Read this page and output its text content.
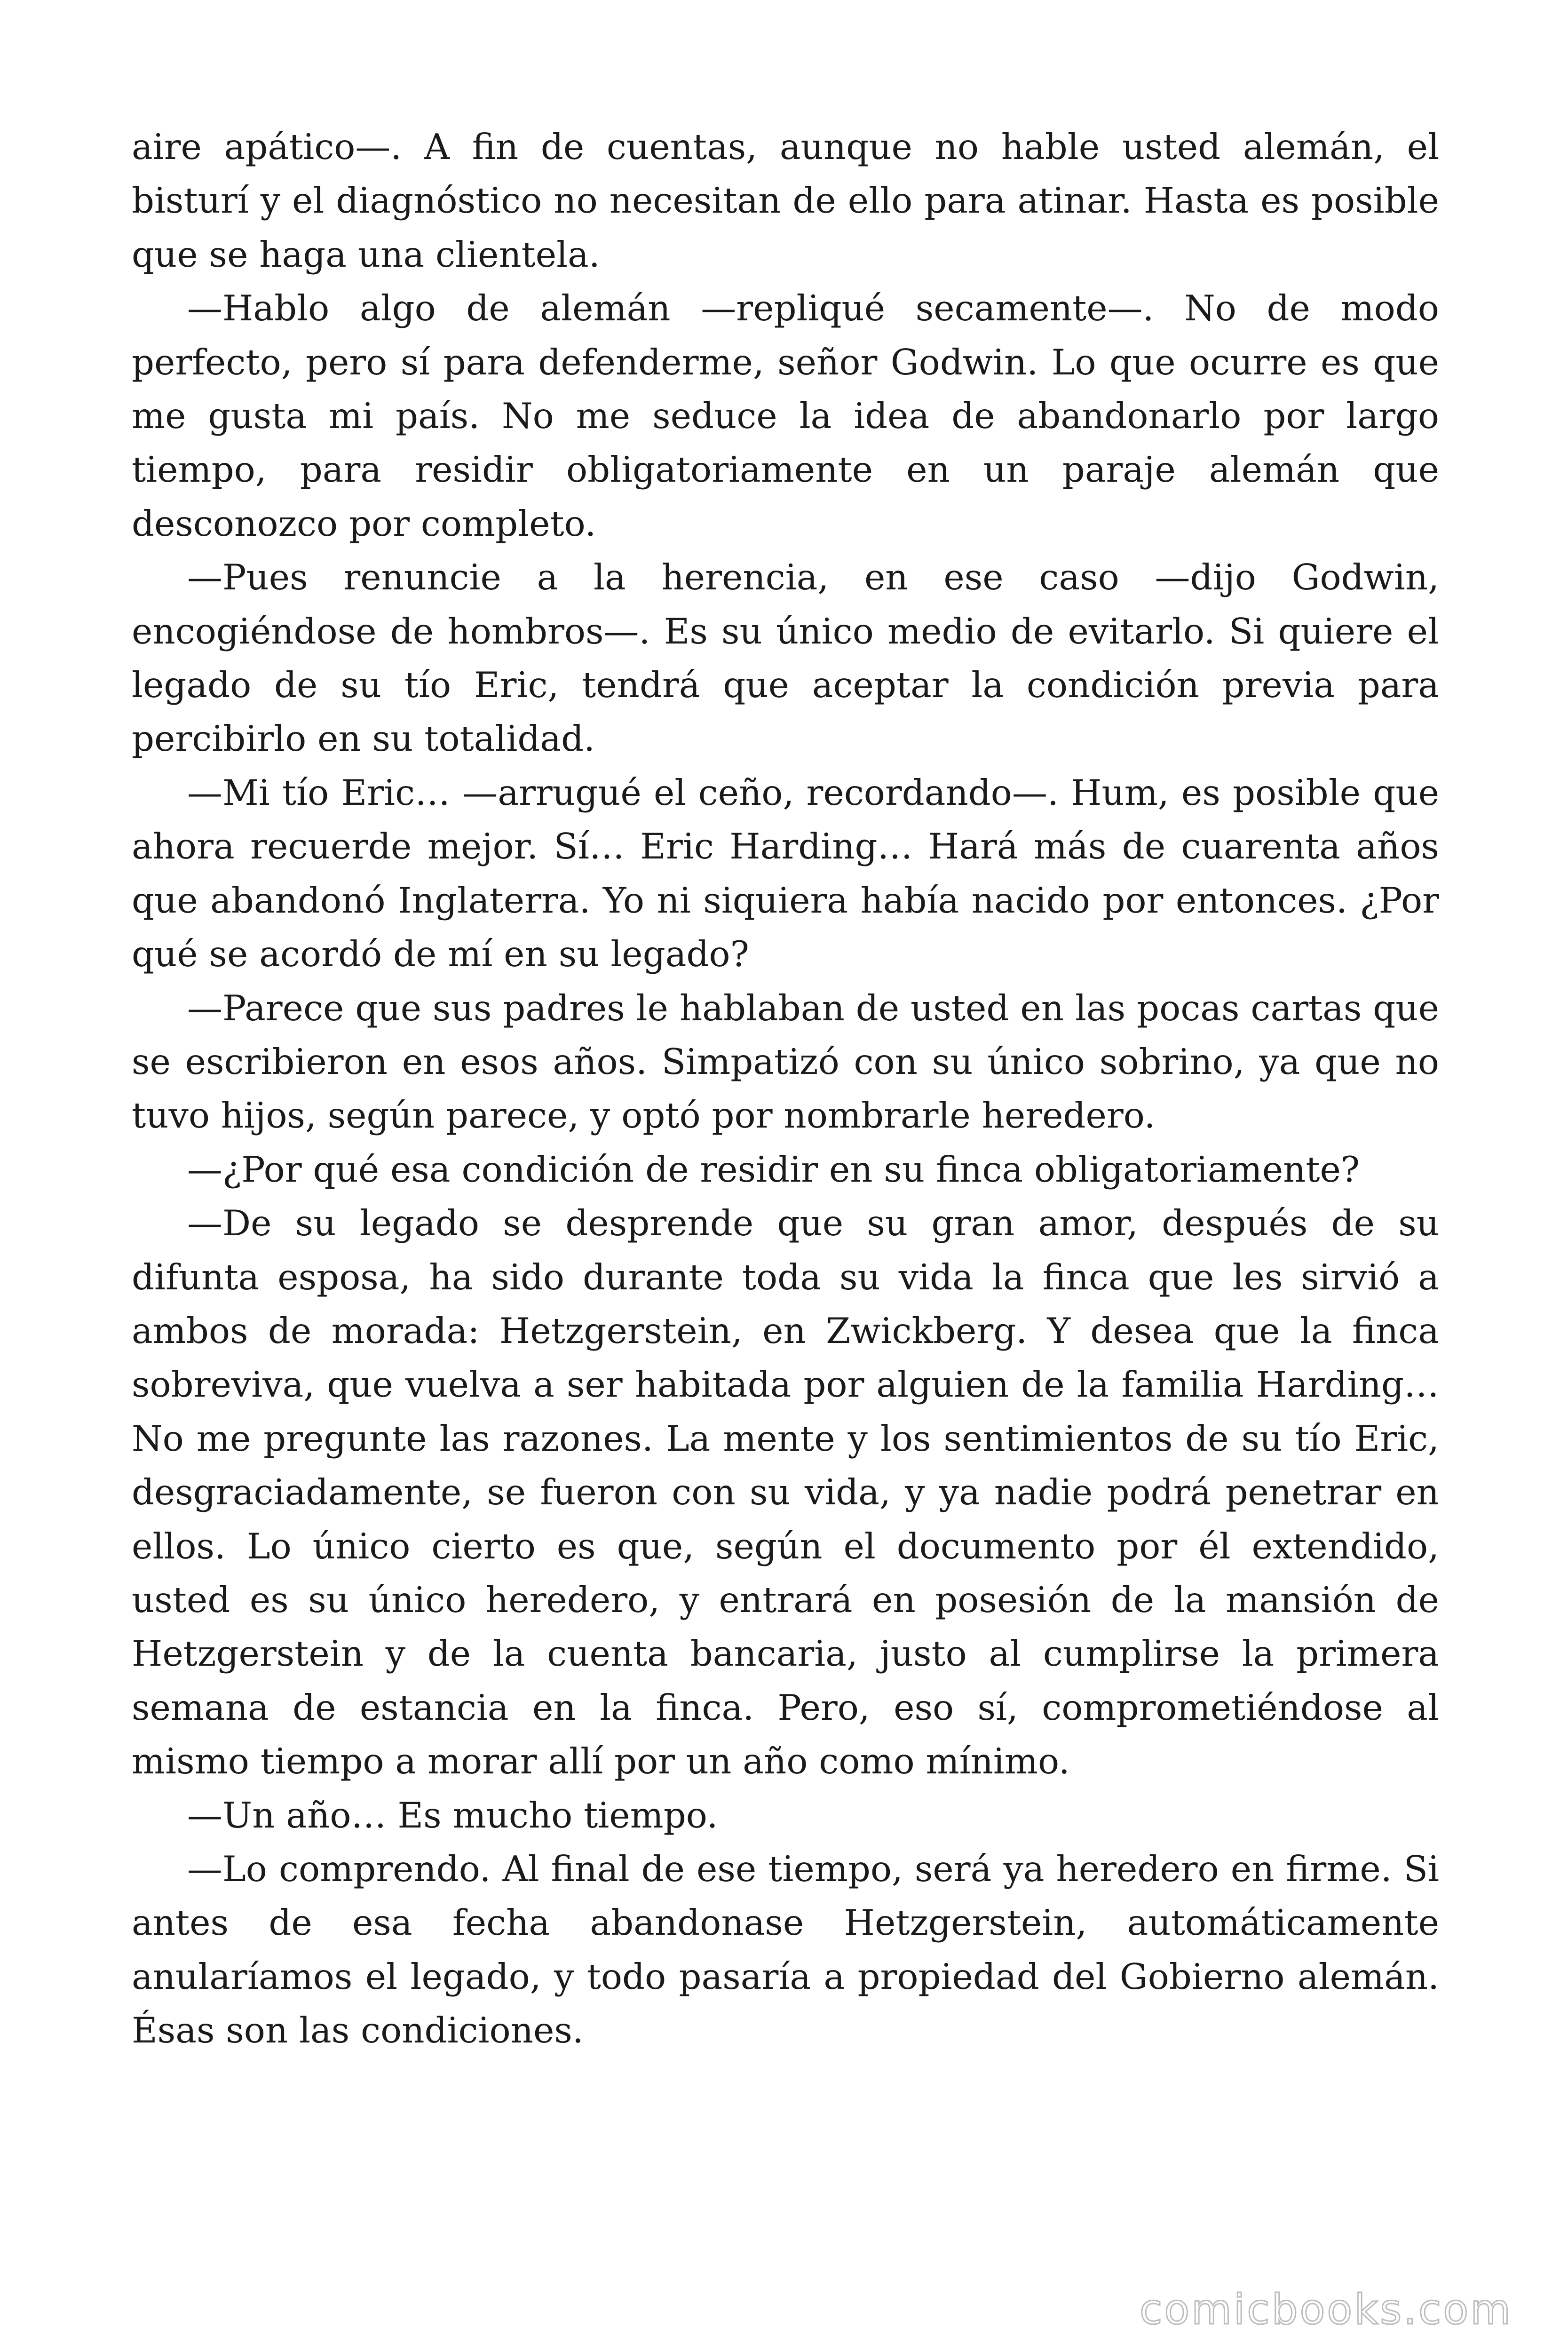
aire apático—. A fin de cuentas, aunque no hable usted alemán, el bisturí y el diagnóstico no necesitan de ello para atinar. Hasta es posible que se haga una clientela.

—Hablo algo de alemán —repliqué secamente—. No de modo perfecto, pero sí para defenderme, señor Godwin. Lo que ocurre es que me gusta mi país. No me seduce la idea de abandonarlo por largo tiempo, para residir obligatoriamente en un paraje alemán que desconozco por completo.

—Pues renuncie a la herencia, en ese caso —dijo Godwin, encogiéndose de hombros—. Es su único medio de evitarlo. Si quiere el legado de su tío Eric, tendrá que aceptar la condición previa para percibirlo en su totalidad.

—Mi tío Eric… —arrugué el ceño, recordando—. Hum, es posible que ahora recuerde mejor. Sí… Eric Harding… Hará más de cuarenta años que abandonó Inglaterra. Yo ni siquiera había nacido por entonces. ¿Por qué se acordó de mí en su legado?

—Parece que sus padres le hablaban de usted en las pocas cartas que se escribieron en esos años. Simpatizó con su único sobrino, ya que no tuvo hijos, según parece, y optó por nombrarle heredero.

—¿Por qué esa condición de residir en su finca obligatoriamente?

—De su legado se desprende que su gran amor, después de su difunta esposa, ha sido durante toda su vida la finca que les sirvió a ambos de morada: Hetzgerstein, en Zwickberg. Y desea que la finca sobreviva, que vuelva a ser habitada por alguien de la familia Harding… No me pregunte las razones. La mente y los sentimientos de su tío Eric, desgraciadamente, se fueron con su vida, y ya nadie podrá penetrar en ellos. Lo único cierto es que, según el documento por él extendido, usted es su único heredero, y entrará en posesión de la mansión de Hetzgerstein y de la cuenta bancaria, justo al cumplirse la primera semana de estancia en la finca. Pero, eso sí, comprometiéndose al mismo tiempo a morar allí por un año como mínimo.

—Un año… Es mucho tiempo.

—Lo comprendo. Al final de ese tiempo, será ya heredero en firme. Si antes de esa fecha abandonase Hetzgerstein, automáticamente anularíamos el legado, y todo pasaría a propiedad del Gobierno alemán. Ésas son las condiciones.

comicbooks.com
